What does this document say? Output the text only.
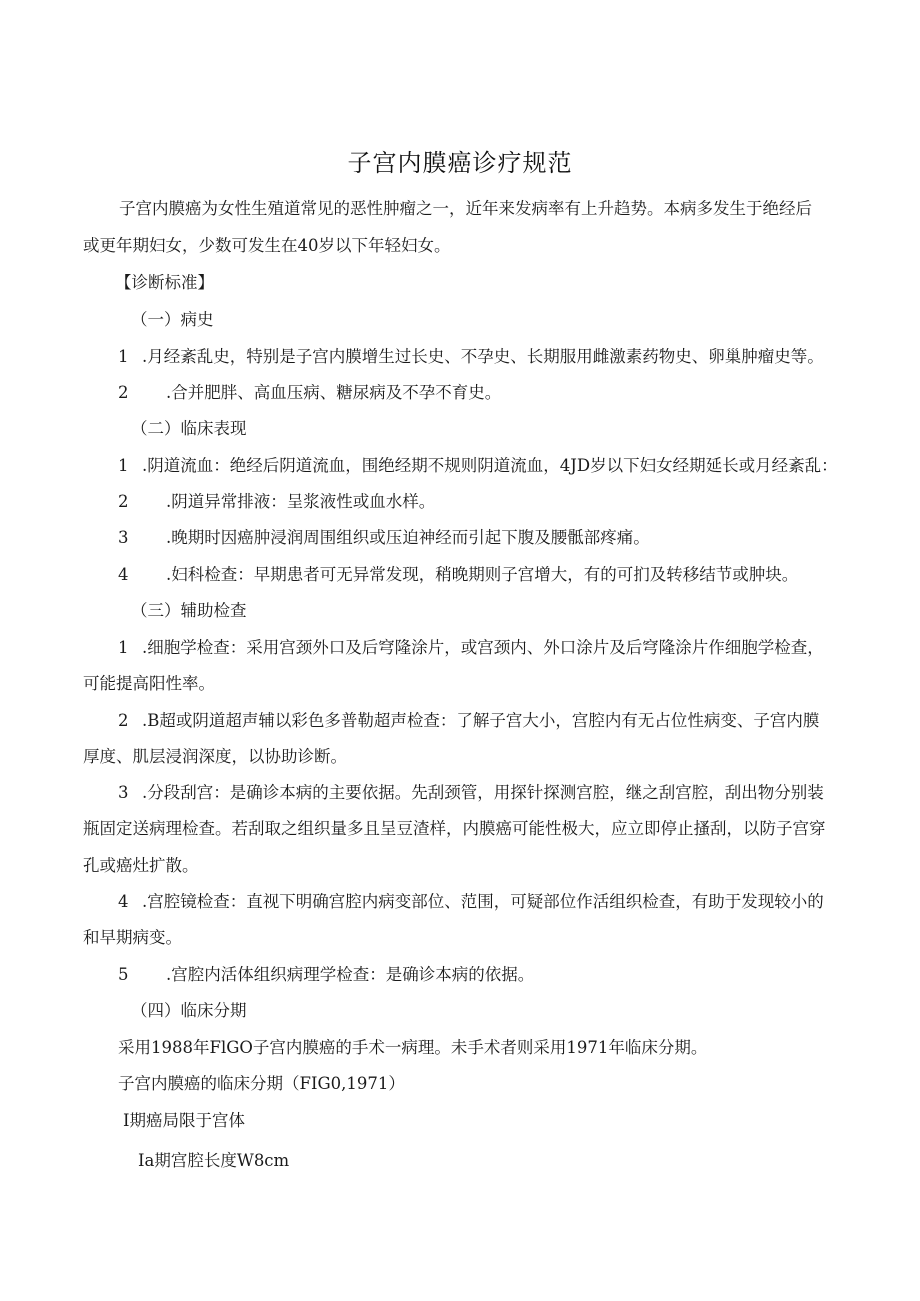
子宫内膜癌诊疗规范
子宫内膜癌为女性生殖道常见的恶性肿瘤之一，近年来发病率有上升趋势。本病多发生于绝经后
或更年期妇女，少数可发生在40岁以下年轻妇女。
【诊断标准】
（一）病史
1 .月经紊乱史，特别是子宫内膜增生过长史、不孕史、长期服用雌激素药物史、卵巢肿瘤史等。
2 .合并肥胖、高血压病、糖尿病及不孕不育史。
（二）临床表现
1 .阴道流血：绝经后阴道流血，围绝经期不规则阴道流血，4JD岁以下妇女经期延长或月经紊乱：
2 .阴道异常排液：呈浆液性或血水样。
3 .晚期时因癌肿浸润周围组织或压迫神经而引起下腹及腰骶部疼痛。
4 .妇科检查：早期患者可无异常发现，稍晚期则子宫增大，有的可扪及转移结节或肿块。
（三）辅助检查
1 .细胞学检查：采用宫颈外口及后穹隆涂片，或宫颈内、外口涂片及后穹隆涂片作细胞学检查，
可能提高阳性率。
2 .B超或阴道超声辅以彩色多普勒超声检查：了解子宫大小，宫腔内有无占位性病变、子宫内膜
厚度、肌层浸润深度，以协助诊断。
3 .分段刮宫：是确诊本病的主要依据。先刮颈管，用探针探测宫腔，继之刮宫腔，刮出物分别装
瓶固定送病理检查。若刮取之组织量多且呈豆渣样，内膜癌可能性极大，应立即停止搔刮，以防子宫穿
孔或癌灶扩散。
4 .宫腔镜检查：直视下明确宫腔内病变部位、范围，可疑部位作活组织检查，有助于发现较小的
和早期病变。
5 .宫腔内活体组织病理学检查：是确诊本病的依据。
（四）临床分期
采用1988年FlGO子宫内膜癌的手术一病理。未手术者则采用1971年临床分期。
子宫内膜癌的临床分期（FIG0,1971）
I期癌局限于宫体
Ia期宫腔长度W8cm
